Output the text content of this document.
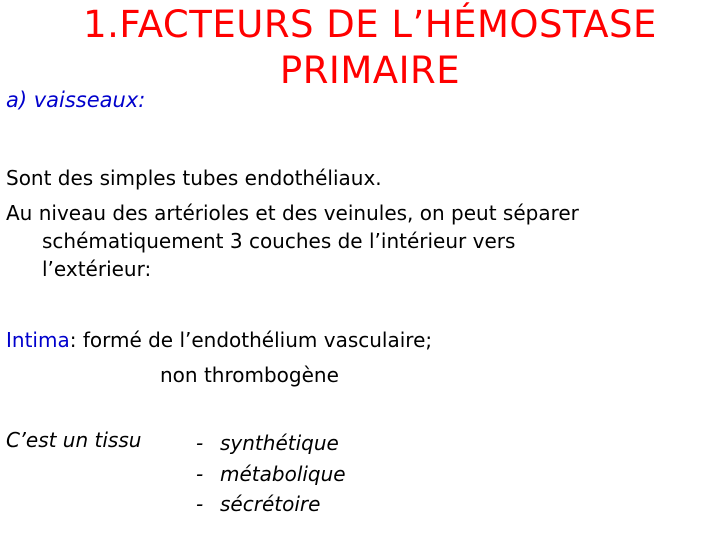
1.FACTEURS DE L’HÉMOSTASE
PRIMAIRE
a) vaisseaux:
Sont des simples tubes endothéliaux.
Au niveau des artérioles et des veinules, on peut séparer
schématiquement 3 couches de l’intérieur vers
l’extérieur:
Intima: formé de l’endothélium vasculaire;
non thrombogène
C’est un tissu	- synthétique
- métabolique
- sécrétoire
